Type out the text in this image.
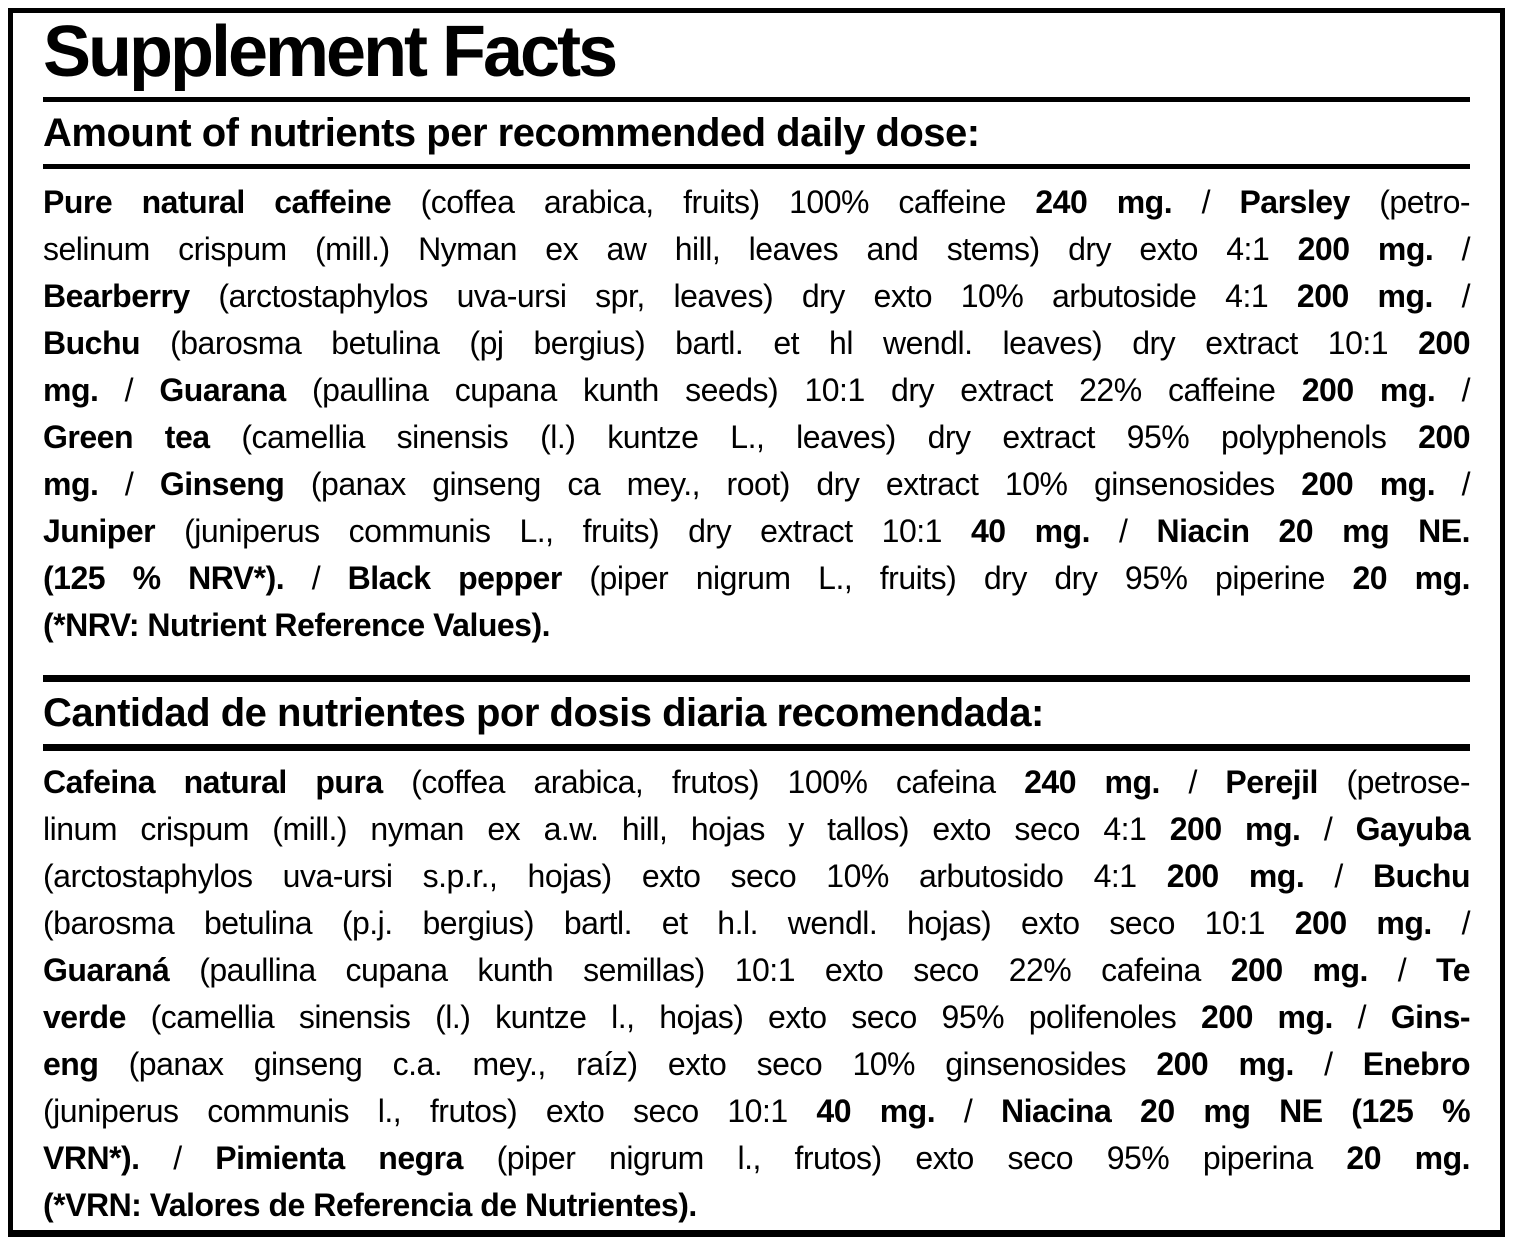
Supplement Facts
Amount of nutrients per recommended daily dose:
Pure natural caffeine (coffea arabica, fruits) 100% caffeine 240 mg. / Parsley (petro-
selinum crispum (mill.) Nyman ex aw hill, leaves and stems) dry exto 4:1 200 mg. /
Bearberry (arctostaphylos uva-ursi spr, leaves) dry exto 10% arbutoside 4:1 200 mg. /
Buchu (barosma betulina (pj bergius) bartl. et hl wendl. leaves) dry extract 10:1 200
mg. / Guarana (paullina cupana kunth seeds) 10:1 dry extract 22% caffeine 200 mg. /
Green tea (camellia sinensis (l.) kuntze L., leaves) dry extract 95% polyphenols 200
mg. / Ginseng (panax ginseng ca mey., root) dry extract 10% ginsenosides 200 mg. /
Juniper (juniperus communis L., fruits) dry extract 10:1 40 mg. / Niacin 20 mg NE.
(125 % NRV*). / Black pepper (piper nigrum L., fruits) dry dry 95% piperine 20 mg.
(*NRV: Nutrient Reference Values).
Cantidad de nutrientes por dosis diaria recomendada:
Cafeina natural pura (coffea arabica, frutos) 100% cafeina 240 mg. / Perejil (petrose-
linum crispum (mill.) nyman ex a.w. hill, hojas y tallos) exto seco 4:1 200 mg. / Gayuba
(arctostaphylos uva-ursi s.p.r., hojas) exto seco 10% arbutosido 4:1 200 mg. / Buchu
(barosma betulina (p.j. bergius) bartl. et h.l. wendl. hojas) exto seco 10:1 200 mg. /
Guaraná (paullina cupana kunth semillas) 10:1 exto seco 22% cafeina 200 mg. / Te
verde (camellia sinensis (l.) kuntze l., hojas) exto seco 95% polifenoles 200 mg. / Gins-
eng (panax ginseng c.a. mey., raíz) exto seco 10% ginsenosides 200 mg. / Enebro
(juniperus communis l., frutos) exto seco 10:1 40 mg. / Niacina 20 mg NE (125 %
VRN*). / Pimienta negra (piper nigrum l., frutos) exto seco 95% piperina 20 mg.
(*VRN: Valores de Referencia de Nutrientes).
